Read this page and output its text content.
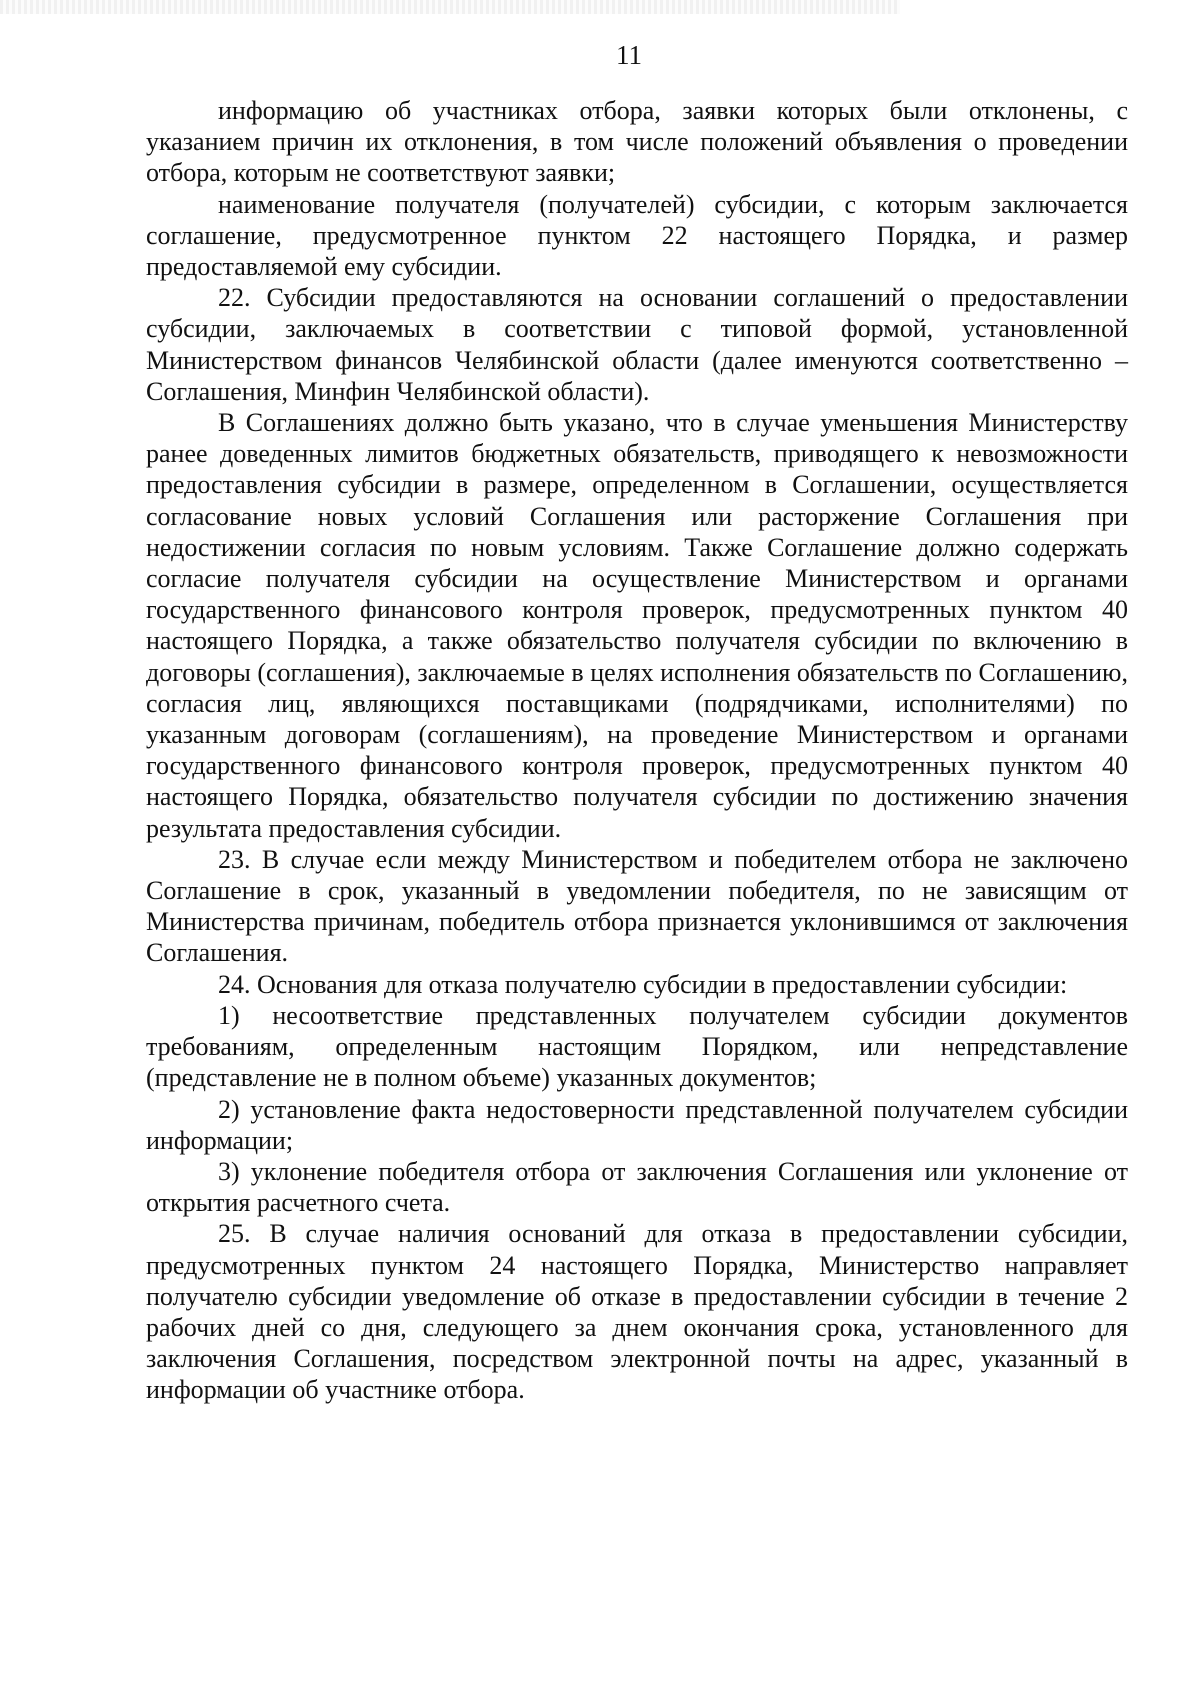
11

информацию об участниках отбора, заявки которых были отклонены, с указанием причин их отклонения, в том числе положений объявления о проведении отбора, которым не соответствуют заявки;

наименование получателя (получателей) субсидии, с которым заключается соглашение, предусмотренное пунктом 22 настоящего Порядка, и размер предоставляемой ему субсидии.

22. Субсидии предоставляются на основании соглашений о предоставлении субсидии, заключаемых в соответствии с типовой формой, установленной Министерством финансов Челябинской области (далее именуются соответственно – Соглашения, Минфин Челябинской области).

В Соглашениях должно быть указано, что в случае уменьшения Министерству ранее доведенных лимитов бюджетных обязательств, приводящего к невозможности предоставления субсидии в размере, определенном в Соглашении, осуществляется согласование новых условий Соглашения или расторжение Соглашения при недостижении согласия по новым условиям. Также Соглашение должно содержать согласие получателя субсидии на осуществление Министерством и органами государственного финансового контроля проверок, предусмотренных пунктом 40 настоящего Порядка, а также обязательство получателя субсидии по включению в договоры (соглашения), заключаемые в целях исполнения обязательств по Соглашению, согласия лиц, являющихся поставщиками (подрядчиками, исполнителями) по указанным договорам (соглашениям), на проведение Министерством и органами государственного финансового контроля проверок, предусмотренных пунктом 40 настоящего Порядка, обязательство получателя субсидии по достижению значения результата предоставления субсидии.

23. В случае если между Министерством и победителем отбора не заключено Соглашение в срок, указанный в уведомлении победителя, по не зависящим от Министерства причинам, победитель отбора признается уклонившимся от заключения Соглашения.

24. Основания для отказа получателю субсидии в предоставлении субсидии:

1) несоответствие представленных получателем субсидии документов требованиям, определенным настоящим Порядком, или непредставление (представление не в полном объеме) указанных документов;

2) установление факта недостоверности представленной получателем субсидии информации;

3) уклонение победителя отбора от заключения Соглашения или уклонение от открытия расчетного счета.

25. В случае наличия оснований для отказа в предоставлении субсидии, предусмотренных пунктом 24 настоящего Порядка, Министерство направляет получателю субсидии уведомление об отказе в предоставлении субсидии в течение 2 рабочих дней со дня, следующего за днем окончания срока, установленного для заключения Соглашения, посредством электронной почты на адрес, указанный в информации об участнике отбора.
